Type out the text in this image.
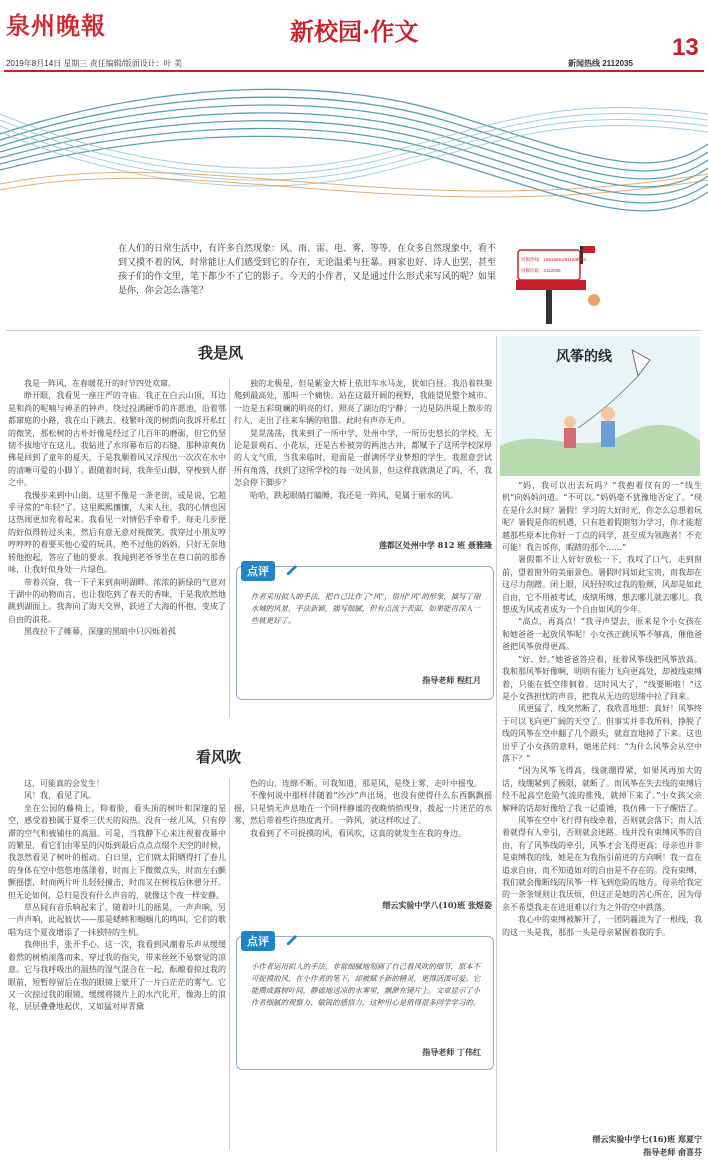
泉州晚報	新校园·作文
13
2019年8月14日 星期三 责任编辑/版面设计：叶 美	新闻热线 2112035
在人们的日常生活中，有许多自然现象：风、雨、雷、电、雾，等等。在众多自然现象中，看不到又摸不着的风，时常能让人们感受到它的存在，无论温柔与狂暴。画家也好、诗人也罢，甚至孩子们的作文里，笔下都少不了它的影子。今天的小作者，又是通过什么形式来写风的呢？如果是你，你会怎么落笔？
投稿热线：18616861/9118/8888
投稿信箱：2112035
我是风

我是一阵风，在春暖花开的时节四处欢窜。

睁开眼，我看见一座庄严的寺庙。我正在白云山顶，耳边是和尚的呢喃与神圣的钟声。绕过投满硬币的许愿池，沿着鄂都窜庭的小路，我在山下跳去。枝繁叶茂的树荫向我诉开私红的微笑，那松树的古朴好像是经过了几百年的磨砺，但它仍坚韧不拔地守在这儿。我钻进了水帘幕布后的石缝，那种凉爽仿佛是回到了童年的夏天，于是我顺着风又浮现出一次次在水中的清晰可爱的小脚丫。跟随着时间，我奔至山脚，穿梭到人群之中。

我慢步来到中山街，这里不像是一条老街，或是说，它超乎寻常的“年轻”了。这里熙熙攘攘，人来人往，我的心情也因这热闹更加充着起来。我看见一对情侣手牵着手，每走几步便的好似得转过头来，然后有意无意对视微笑。我穿过小朋友哼哼哼哼的着要买他心爱的玩具，绝不过他的妈妈，只好无奈地转他抱起，答应了他的要求。我闻到老爷爷坐在巷口前的那香味，让我好似身处一片绿色。

带着兴奋，我一下子来到南明湖畔。浓浓的新绿的气息对于湖中的动物而言，也让我吃到了春天的香味，于是我欣然地跳到湖面上。我奔向了海天交界，跃进了大海的怀抱，变成了自由的浪花。

黑夜拉下了帷幕，深邃的黑暗中只闪烁着孤

独的北极星，但是紫金大桥上依旧车水马龙，犹如白昼。我沿着铁架爬到最高处，那叫一个痛快。站在这最开阔的视野，我能望见整个城市。一边是五彩斑斓的明亮的灯，照亮了湖边的宁静；一边是防洪堤上散步的行人，走出了往来车辆的喧嚣。此时有声亦无声。

晃晃荡荡，我来到了一所中学，处州中学，一所历史悠长的学校。无论是景观石、小花坛，还是古朴被旁的两池古井，都赋予了这所学校深厚的人文气质，当我来临时，迎面是一群满怀学业梦想的学生。我愿意尝试所有角落，找到了这所学校的每一处风景，但这样我就满足了吗，不，我怎会停下脚步？

哈哈，跌起眼睛打瞌睡，我还是一阵风，是属于丽水的风。

莲都区处州中学 812 班 聂雅隆
点评
作者采用拟人的手法，把自己比作了“风”，借用“风”的形象，描写了丽水城的风景，手法新颖，描写细腻，但有点流于表面，如果能再深入一些就更好了。
指导老师 程红月
看风吹

这，可能真的会发生！

风！我，看见了风。

坐在公园的藤椅上，仰着脸，看头顶的树叶和深邃的星空，感受着独属于夏季三伏天的闷热。没有一丝儿风，只有停滞的空气和被铺住的高温。可是，当我静下心来注视着夜幕中的繁星，看它们由零星的闪烁到最后点点点缀个天空的时候，我忽然看见了树叶的摇动。白日里，它们就太阳晒得打了卷儿的身体在空中悠悠地荡漾着，时而上下微微点头，时而左右颤颤摇摆，时而两片叶儿轻轻撞击，时而又在树枝后休憩分开。但无论如何，总归是没有什么声音的，就像这个夜一样安静。

草丛间有音乐响起来了，随着叶儿的摇晃，一声声响，另一声声响，此起彼伏——那是蟋蟀和蝈蝈儿的鸣叫，它们的歌唱为这个夏夜增添了一抹独特的生机。

我伸出手，张开手心，这一次，我看到风潮着乐声从缓缓着然的树梢滚落而来，穿过我的指尖，带来丝丝不易察觉的凉意。它与我呼吸出的温热的湿气混合在一起，酝酿着掠过我的眼前，短暂停留后在我的眼镜上蒙开了一片白茫茫的雾气。它又一次掠过我的眼镜，缓缓将镜片上的水汽化开，像海上的浪花，层层叠叠地起伏，又如猛对岸青黛

色的山，连绵不断。可我知道，那是风，是绕上雾，走叶中摇曳。

不像何说中那样伴随着“沙沙”声出场，也没有使得什么东西飘飘摇摇，只是悄无声息地在一个同样静谧的夜晚悄悄现身，拨起一片迷茫的水雾，然后带着些许热度离开。一阵风，就这样吹过了。

我看到了不可捉摸的风，看风吹，这真的就发生在我的身边。

缙云实验中学八(10)班 张煜姿
点评
小作者运用拟人的手法，非常细腻地刻画了自己看风吹的细节，原本不可捉摸的风，在小作者的笔下，却被赋予新的精灵，更得活泼可爱。它能攒成露树叶间，静谧地送凉的水雾里，飘渺在镜片上。文章显示了小作者细腻的观察力、敏锐的感悟力，这种用心是值得很多同学学习的。
指导老师 丁伟红
风筝的线

“妈，我可以出去玩吗？”我抱着仅有的一“线生机”向妈妈问道。“不可以。”妈妈毫不犹豫地否定了。“现在是什么时候？暑假！学习的大好时光，你怎么总想着玩呢？暑假是你的机遇，只有趁着假期努力学习，你才能超越那些原本比你好一丁点的同学，甚至成为领跑者！不充可能！我告诉你，暇踏的那个……”

暑假都不让人好好放松一下，我叹了口气，走到窗前，望着窗外的美丽景色。暑假时间如此宝贵，而我却在这尽力削蹭。闭上眼，风轻轻吹过我的脸颊，风却是如此自由，它不用被考试、成绩所缚，想去哪儿就去哪儿。我想成为风或者成为一个自由如风的少年。

“高点，再高点！”我寻声望去，原来是个小女孩在和她爸爸一起放风筝呢！小女孩正跳风筝不够高，催他爸爸把风筝放得更高。

“好、好。”她爸爸答应着，扯着风筝线把风筝放高。我和那风筝好像啊，明明有能力飞向更高处，却被线束缚着，只能在低空徘徊着。这时风大了，“线要断啦！”这是小女孩担忧的声音，把我从无边的思绪中拉了回来。

风更猛了，线突然断了，我欣喜地想：真好！风筝终于可以飞向更广阔的天空了。但事实并非我所料，挣脱了线的风筝在空中翻了几个跟头，就直直地掉了下来。这也出乎了小女孩的意料，她迷茫问：“为什么风筝会从空中落下？”

“因为风筝飞得高，线就绷得紧，如果风再加大的话，线绷紧到了极限，就断了。而风筝在失去线的束缚后经不起高空危险气流的推残，就掉下来了。”小女孩父亲解释的话却好像给了我一记重锤，我仿佛一下子醒悟了。

风筝在空中飞行得有线牵着，否则就会落下；而人活着就得有人牵引，否则就会迷路。线并没有束缚风筝的自由，有了风筝线的牵引，风筝才会飞得更高；母亲也并非是束缚我的线，她是在为我指引前进的方向啊！我一直在追求自由，而不知道如对的自由是不存在的。没有束缚，我们就会像断线的风筝一样飞到危险的地方。母亲给我定的一条条规则让我厌烦，但这正是她的苦心所在，因为母亲不希望我走在进退难以行为之外的空中跌落。

我心中的束缚被解开了，一团阴霾淡为了一根线，我的这一头是我，那那一头是母亲紧握着我的手。

缙云实验中学七(16)班 郑夏宁
指导老师 俞喜芬
